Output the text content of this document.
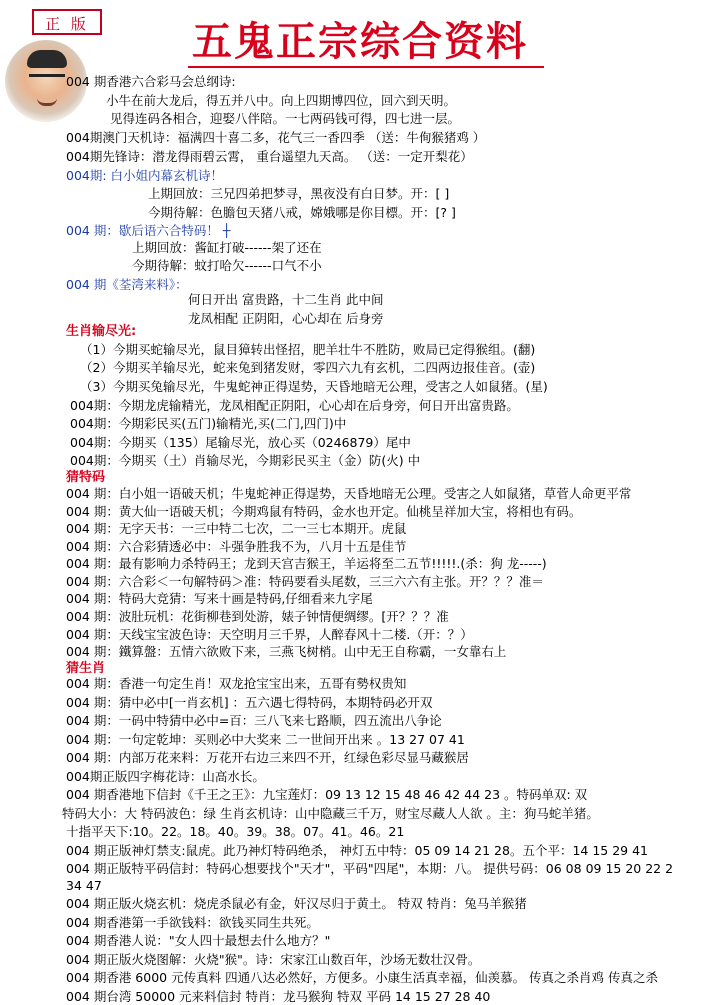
正 版	五鬼正宗综合资料
004 期香港六合彩马会总纲诗:
小牛在前大龙后，得五并八中。向上四期博四位，回六到天明。
见得连码各相合，迎娶八伴陪。一七两码钱可得，四七进一层。
004期澳门天机诗：福满四十喜二多，花气三一香四季 （送：牛侚猴猪鸡 ）
004期先锋诗：潜龙得雨碧云霄， 重台遥望九天高。 （送：一定开梨花）
004期: 白小姐内幕玄机诗！
上期回放：三兄四弟把梦寻，黑夜没有白日梦。开：[ ]
今期待解：色膽包天猪八戒，嫦娥哪是你目標。开：[? ]
004 期：歇后语六合特码！ ┼
上期回放：酱缸打破------架了还在
今期待解：蚊打哈欠------口气不小
004 期《荃湾来料》：
何日开出 富贵路，十二生肖 此中间
龙凤相配 正阴阳，心心却在 后身旁
（1）今期买蛇输尽光，鼠目獐转出怪招，肥羊壮牛不胜防，败局已定得猴组。(翻)
（2）今期买羊输尽光，蛇来兔到猪发财，零四六九有玄机，二四两边报佳音。(壶)
（3）今期买兔输尽光，牛鬼蛇神正得逞势，天昏地暗无公理，受害之人如鼠猪。(星)
004期：今期龙虎输精光，龙凤相配正阴阳，心心却在后身旁，何日开出富贵路。
004期：今期彩民买(五门)输精光,买(二门,四门)中
004期：今期买（135）尾输尽光，放心买（0246879）尾中
004期：今期买（土）肖输尽光，今期彩民买主（金）防(火) 中
004 期：白小姐一语破天机；牛鬼蛇神正得逞势，天昏地暗无公理。受害之人如鼠猪，草菅人命更平常
004 期：黄大仙一语破天机；今期鸡鼠有特码，金水也开定。仙桃呈祥加大宝，将相也有码。
004 期：无字天书：一三中特二七次，二一三七本期开。虎鼠
004 期：六合彩猜透必中：斗强争胜我不为，八月十五是佳节
004 期：最有影响力杀特码王；龙到天宫吉猴王，羊运将至二五节!!!!!.(杀：狗 龙-----)
004 期：六合彩＜一句解特码＞准：特码要看头尾数，三三六六有主张。开？？？准＝
004 期：特码大竞猜：写来十画是特码,仔细看来九字尾
004 期：波肚玩机：花街柳巷到处游，婊子钟情便绸缪。[开？？？准
004 期：天线宝宝波色诗：天空明月三千界，人醉春风十二楼.（开：？）
004 期：鐵算盤：五情六欲败下来，三燕飞树梢。山中无王自称霸，一女靠右上
004 期：香港一句定生肖！双龙抢宝宝出来，五哥有勢权贵知
004 期：猜中必中[一肖玄机] ：五六遇七得特码，本期特码必开双
004 期：一码中特猜中必中=百：三八飞来七路顺，四五流出八争论
004 期：一句定乾坤：买则必中大奖来 二一世间开出来 。13 27 07 41
004 期：内部万花来料：万花开右边三来四不开，红绿色彩尽显马藏猴居
004期正版四字梅花诗：山高水长。
004 期香港地下信封《千王之王》：九宝莲灯：09 13 12 15 48 46 42 44 23 。特码单双: 双
特码大小：大 特码波色：绿 生肖玄机诗：山中隐藏三千万，财宝尽藏人人欲 。主：狗马蛇羊猪。
十指平天下:10。22。18。40。39。38。07。41。46。21
004 期正版神灯禁支:鼠虎。此乃神灯特码绝杀， 神灯五中特：05 09 14 21 28。五个平：14 15 29 41
004 期正版特平码信封：特码心想要找个"天才"，平码"四尾"，本期：八。 提供号码：06 08 09 15 20 22 2
34 47
004 期正版火烧玄机：烧虎杀鼠必有金，奸汉尽归于黄土。 特双 特肖：兔马羊猴猪
004 期香港第一手欲钱料：欲钱买同生共死。
004 期香港人说："女人四十最想去什么地方？"
004 期正版火烧图解：火烧"猴"。诗：宋家江山数百年，沙场无数壮汉骨。
004 期香港 6000 元传真料 四通八达必然好，方便多。小康生活真幸福，仙羡慕。 传真之杀肖鸡 传真之杀
004 期台湾 50000 元来料信封 特肖：龙马猴狗 特双 平码 14 15 27 28 40
生肖输尽光:
猜特码
猜生肖
